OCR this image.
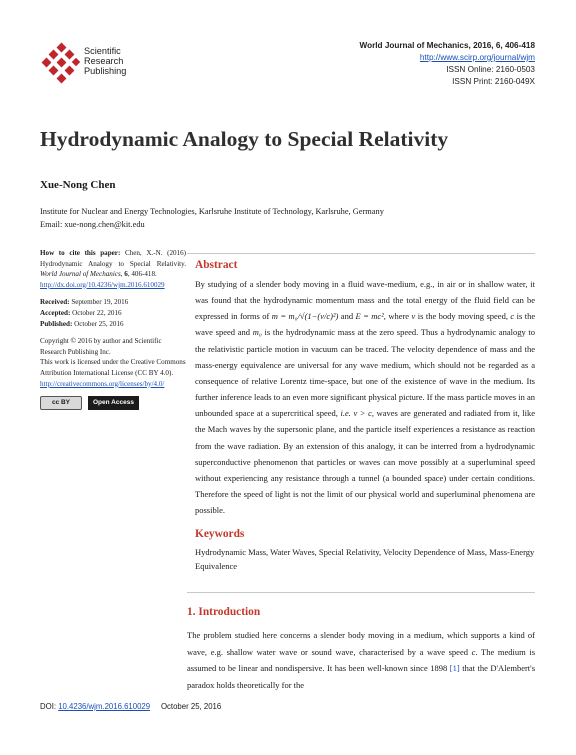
Scientific
Research
Publishing
World Journal of Mechanics, 2016, 6, 406-418
http://www.scirp.org/journal/wjm
ISSN Online: 2160-0503
ISSN Print: 2160-049X
Hydrodynamic Analogy to Special Relativity
Xue-Nong Chen
Institute for Nuclear and Energy Technologies, Karlsruhe Institute of Technology, Karlsruhe, Germany
Email: xue-nong.chen@kit.edu

How to cite this paper: Chen, X.-N. (2016) Hydrodynamic Analogy to Special Relativity. World Journal of Mechanics, 6, 406-418.
http://dx.doi.org/10.4236/wjm.2016.610029

Received: September 19, 2016
Accepted: October 22, 2016
Published: October 25, 2016

Copyright © 2016 by author and Scientific Research Publishing Inc.
This work is licensed under the Creative Commons Attribution International License (CC BY 4.0).
http://creativecommons.org/licenses/by/4.0/

cc BY	Open Access
Abstract

By studying of a slender body moving in a fluid wave-medium, e.g., in air or in shallow water, it was found that the hydrodynamic momentum mass and the total energy of the fluid field can be expressed in forms of m = m₀/√(1−(v/c)²) and E = mc², where v is the body moving speed, c is the wave speed and m₀ is the hydrodynamic mass at the zero speed. Thus a hydrodynamic analogy to the relativistic particle motion in vacuum can be traced. The velocity dependence of mass and the mass-energy equivalence are universal for any wave medium, which should not be regarded as a consequence of relative Lorentz time-space, but one of the existence of wave in the medium. Its further inference leads to an even more significant physical picture. If the mass particle moves in an unbounded space at a supercritical speed, i.e. v > c, waves are generated and radiated from it, like the Mach waves by the supersonic plane, and the particle itself experiences a resistance as reaction from the wave radiation. By an extension of this analogy, it can be interred from a hydrodynamic superconductive phenomenon that particles or waves can move possibly at a superluminal speed without experiencing any resistance through a tunnel (a bounded space) under certain conditions. Therefore the speed of light is not the limit of our physical world and superluminal phenomena are possible.

Keywords
Hydrodynamic Mass, Water Waves, Special Relativity, Velocity Dependence of Mass, Mass-Energy Equivalence
1. Introduction
The problem studied here concerns a slender body moving in a medium, which supports a kind of wave, e.g. shallow water wave or sound wave, characterised by a wave speed c. The medium is assumed to be linear and nondispersive. It has been well-known since 1898 [1] that the D'Alembert's paradox holds theoretically for the
DOI: 10.4236/wjm.2016.610029 October 25, 2016
